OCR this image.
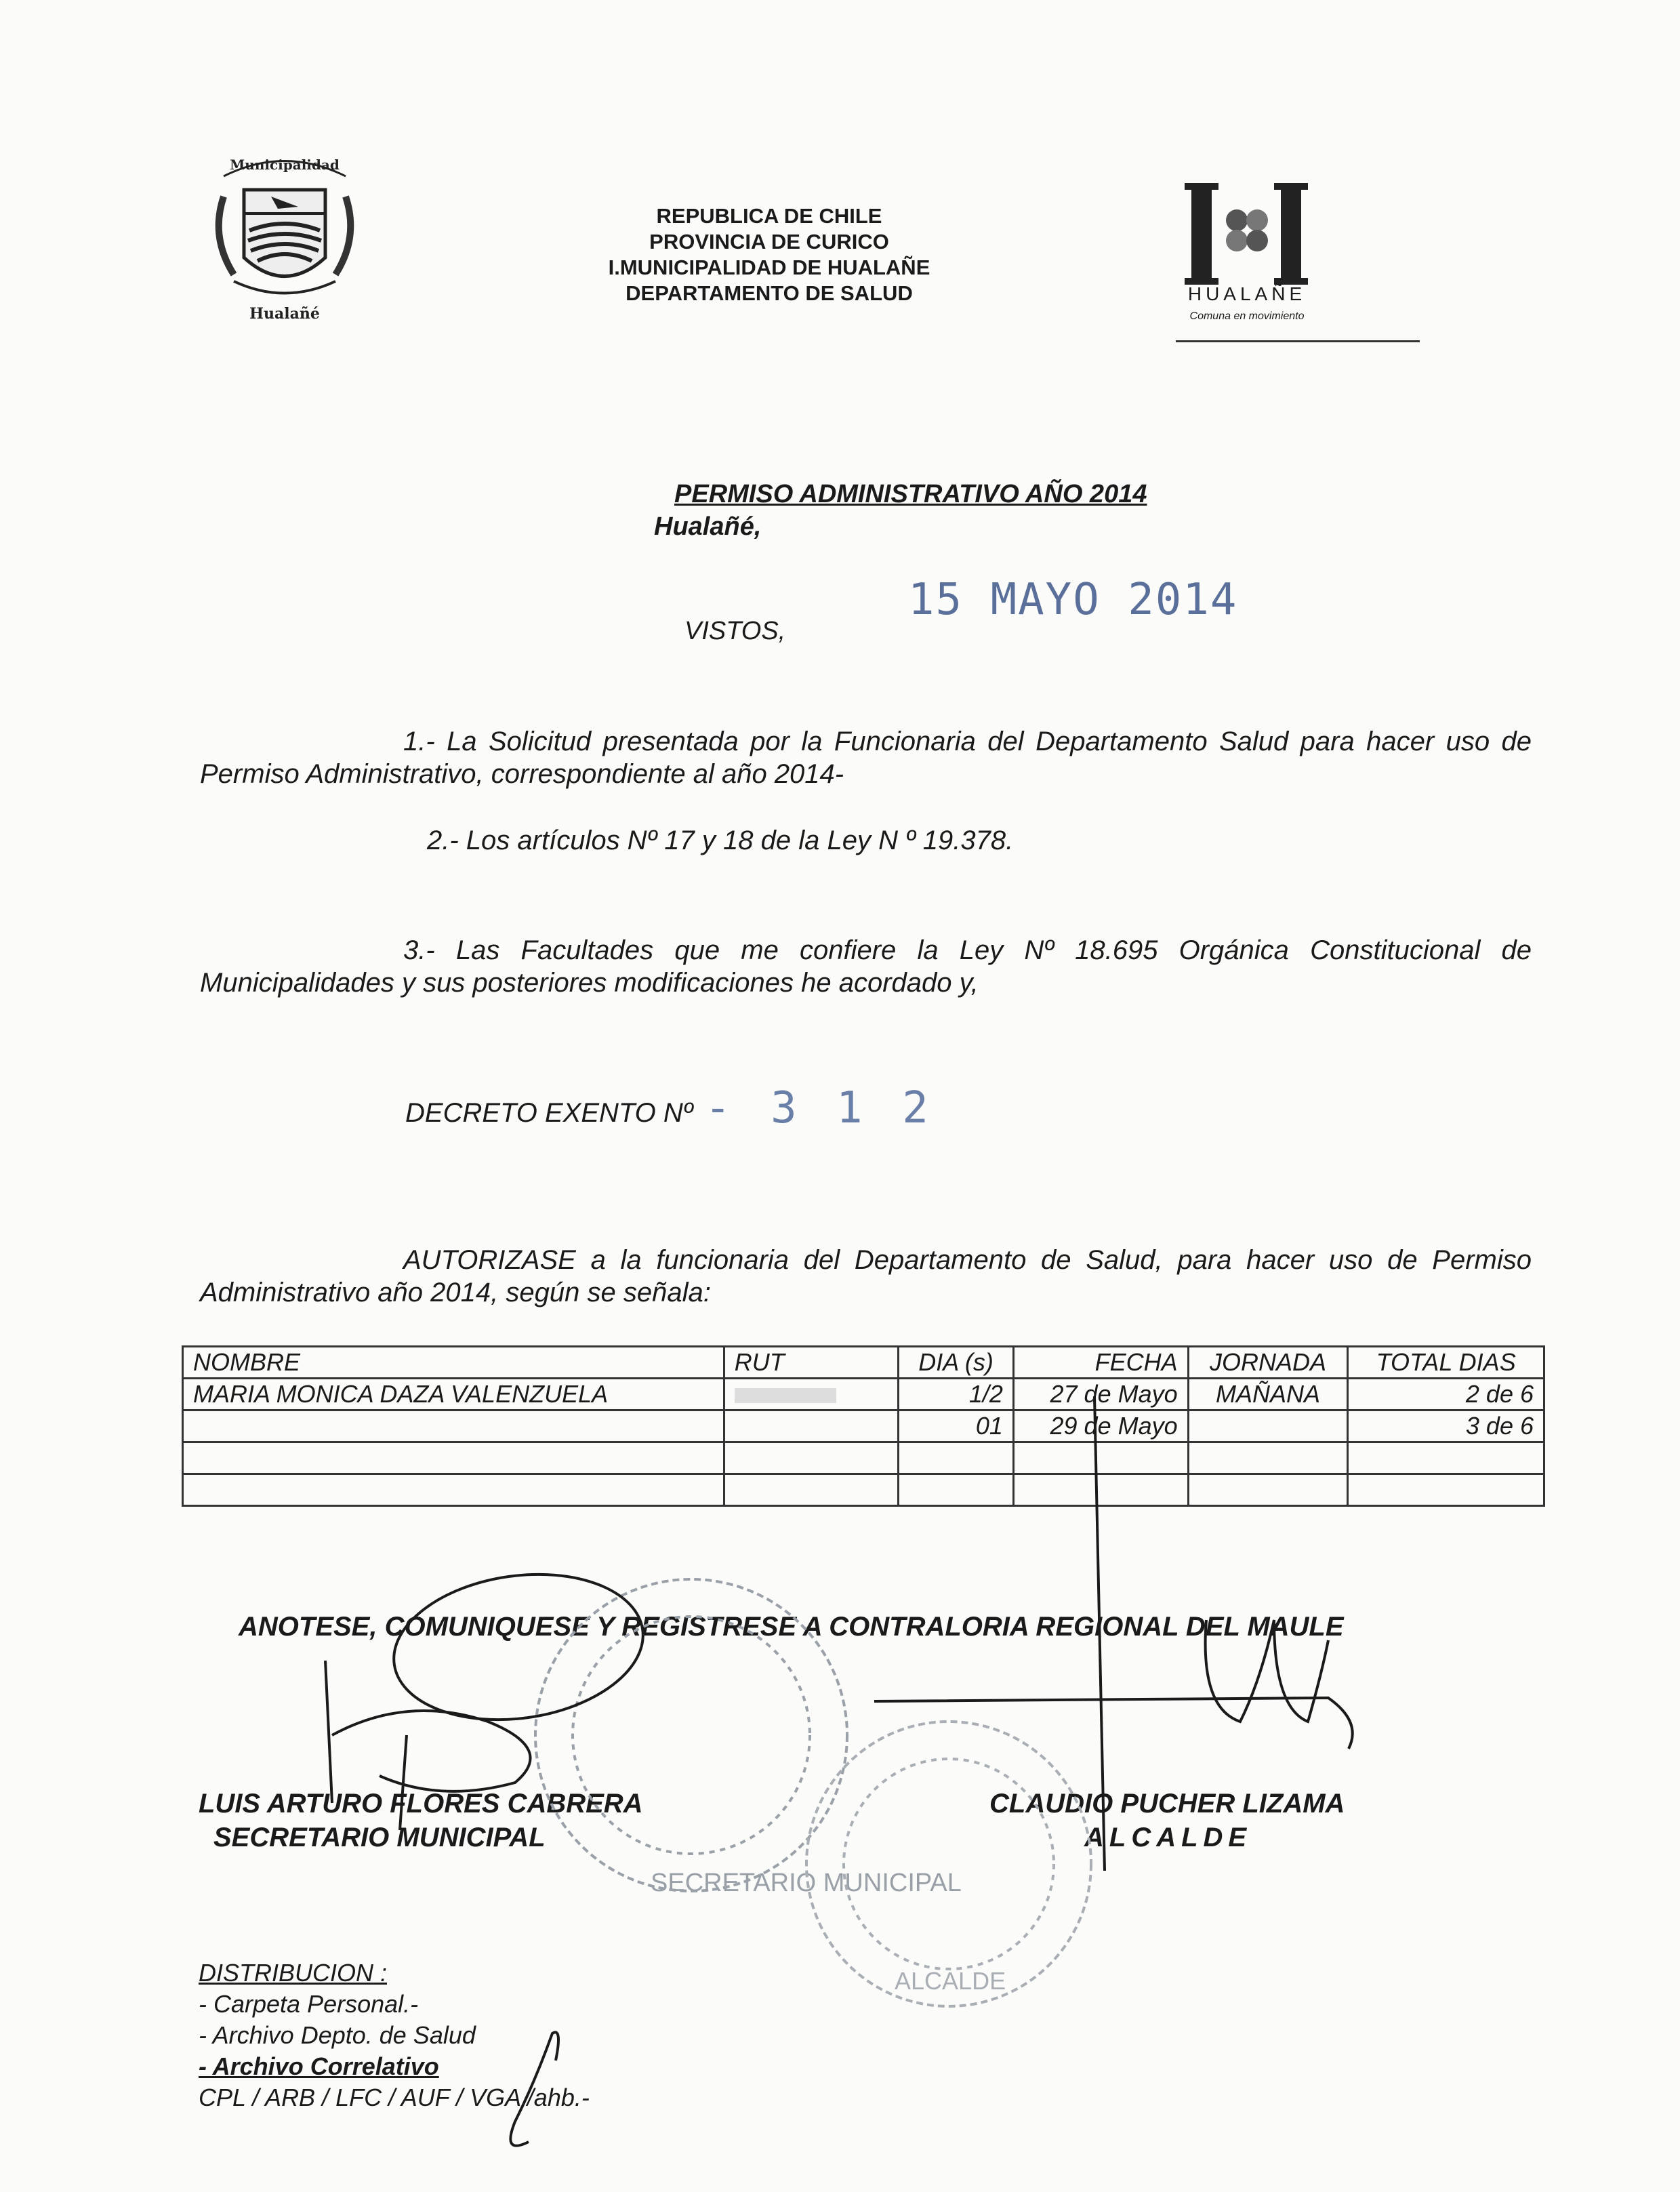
Municipalidad
Hualañé
REPUBLICA DE CHILE
PROVINCIA DE CURICO
I.MUNICIPALIDAD DE HUALAÑE
DEPARTAMENTO DE SALUD	HUALAÑE
Comuna en movimiento
PERMISO ADMINISTRATIVO AÑO 2014
Hualañé,
15 MAYO 2014
VISTOS,
1.- La Solicitud presentada por la Funcionaria del Departamento Salud para hacer uso de Permiso Administrativo, correspondiente al año 2014-
2.- Los artículos Nº 17 y 18 de la Ley N º 19.378.
3.- Las Facultades que me confiere la Ley Nº 18.695 Orgánica Constitucional de Municipalidades y sus posteriores modificaciones he acordado y,
DECRETO EXENTO Nº - 3 1 2
AUTORIZASE a la funcionaria del Departamento de Salud, para hacer uso de Permiso Administrativo año 2014, según se señala:
NOMBRE	RUT	DIA (s)	FECHA	JORNADA	TOTAL DIAS
MARIA MONICA DAZA VALENZUELA		1/2	27 de Mayo	MAÑANA	2 de 6
		01	29 de Mayo		3 de 6

ANOTESE, COMUNIQUESE Y REGISTRESE A CONTRALORIA REGIONAL DEL MAULE
LUIS ARTURO FLORES CABRERA
SECRETARIO MUNICIPAL
CLAUDIO PUCHER LIZAMA
ALCALDE
SECRETARIO MUNICIPAL
ALCALDE
DISTRIBUCION :
- Carpeta Personal.-
- Archivo Depto. de Salud
- Archivo Correlativo
CPL / ARB / LFC / AUF / VGA /ahb.-
